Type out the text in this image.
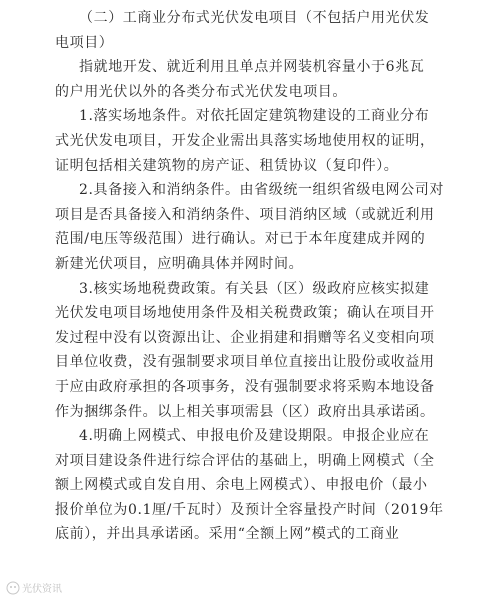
（二）工商业分布式光伏发电项目（不包括户用光伏发
电项目）
指就地开发、就近利用且单点并网装机容量小于6兆瓦
的户用光伏以外的各类分布式光伏发电项目。
1.落实场地条件。对依托固定建筑物建设的工商业分布
式光伏发电项目，开发企业需出具落实场地使用权的证明，
证明包括相关建筑物的房产证、租赁协议（复印件）。
2.具备接入和消纳条件。由省级统一组织省级电网公司对
项目是否具备接入和消纳条件、项目消纳区域（或就近利用
范围/电压等级范围）进行确认。对已于本年度建成并网的
新建光伏项目，应明确具体并网时间。
3.核实场地税费政策。有关县（区）级政府应核实拟建
光伏发电项目场地使用条件及相关税费政策；确认在项目开
发过程中没有以资源出让、企业捐建和捐赠等名义变相向项
目单位收费，没有强制要求项目单位直接出让股份或收益用
于应由政府承担的各项事务，没有强制要求将采购本地设备
作为捆绑条件。以上相关事项需县（区）政府出具承诺函。
4.明确上网模式、申报电价及建设期限。申报企业应在
对项目建设条件进行综合评估的基础上，明确上网模式（全
额上网模式或自发自用、余电上网模式）、申报电价（最小
报价单位为0.1厘/千瓦时）及预计全容量投产时间（2019年
底前），并出具承诺函。采用“全额上网”模式的工商业
光伏资讯
